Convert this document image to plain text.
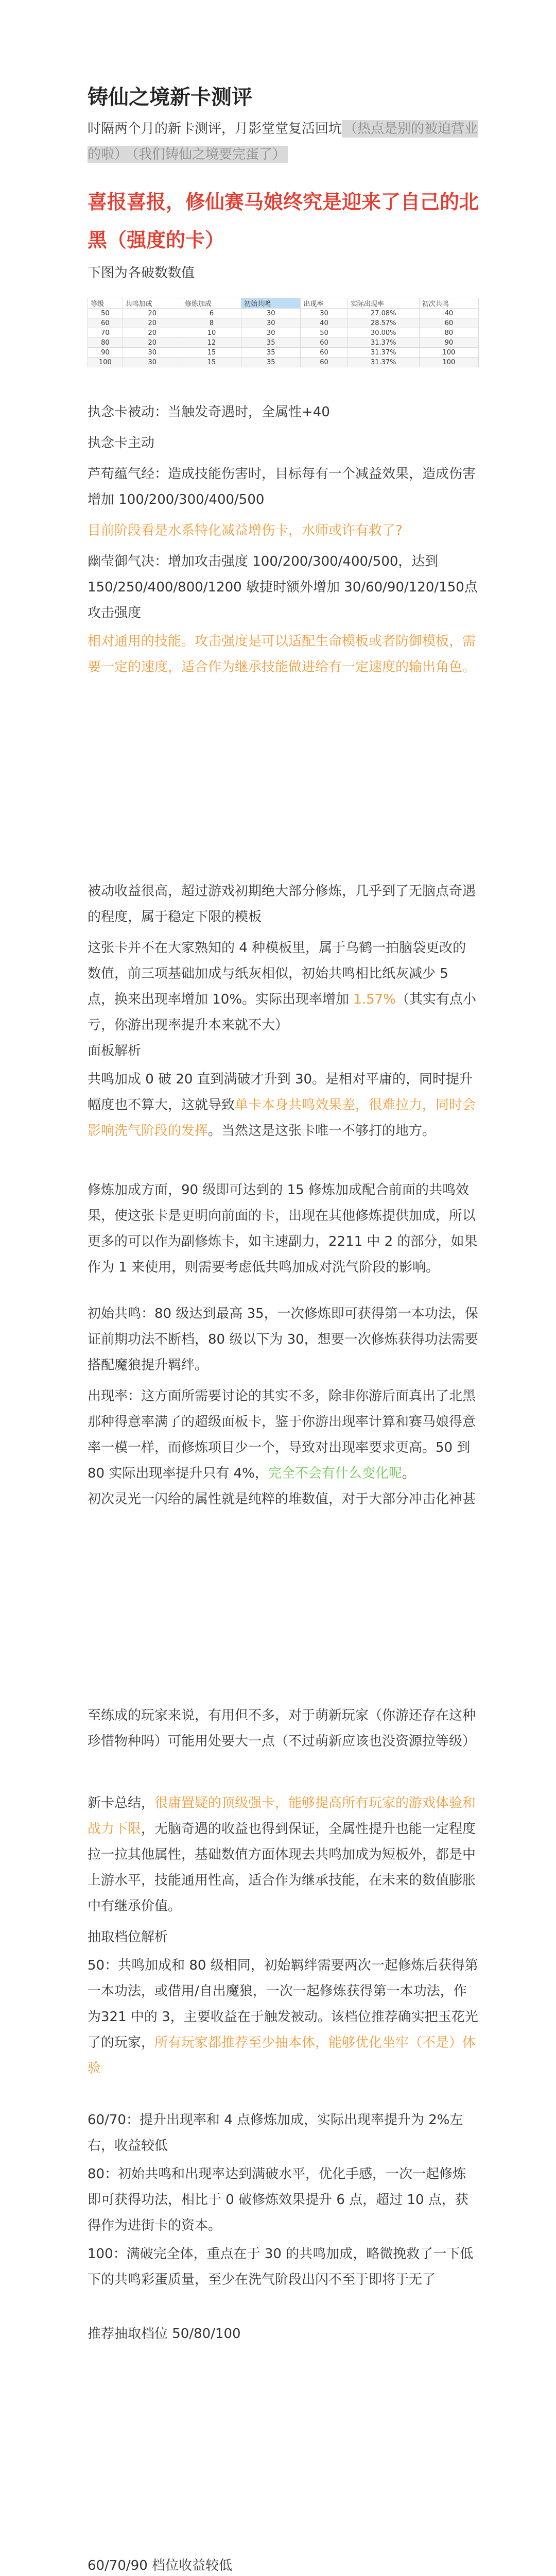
铸仙之境新卡测评

时隔两个月的新卡测评，月影堂堂复活回坑 （热点是别的被迫营业的啦） （我们铸仙之境要完蛋了）

喜报喜报，修仙赛马娘终究是迎来了自己的北黑（强度的卡）

下图为各破数数值

等级	共鸣加成	修炼加成	初始共鸣	出现率	实际出现率	初次共鸣
50	20	6	30	30	27.08%	40
60	20	8	30	40	28.57%	60
70	20	10	30	50	30.00%	80
80	20	12	35	60	31.37%	90
90	30	15	35	60	31.37%	100
100	30	15	35	60	31.37%	100

执念卡被动：当触发奇遇时，全属性+40

执念卡主动

芦荀蕴气经：造成技能伤害时，目标每有一个减益效果，造成伤害增加 100/200/300/400/500

目前阶段看是水系特化减益增伤卡，水师或许有救了?

幽莹御气决：增加攻击强度 100/200/300/400/500，达到150/250/400/800/1200 敏捷时额外增加 30/60/90/120/150点攻击强度

相对通用的技能。攻击强度是可以适配生命模板或者防御模板，需要一定的速度，适合作为继承技能做进给有一定速度的输出角色。

被动收益很高，超过游戏初期绝大部分修炼，几乎到了无脑点奇遇的程度，属于稳定下限的模板

这张卡并不在大家熟知的 4 种模板里，属于乌鹤一拍脑袋更改的数值，前三项基础加成与纸灰相似，初始共鸣相比纸灰减少 5 点，换来出现率增加 10%。实际出现率增加 1.57%（其实有点小亏，你游出现率提升本来就不大）

面板解析

共鸣加成 0 破 20 直到满破才升到 30。是相对平庸的，同时提升幅度也不算大，这就导致单卡本身共鸣效果差，很难拉力，同时会影响洗气阶段的发挥。当然这是这张卡唯一不够打的地方。

修炼加成方面，90 级即可达到的 15 修炼加成配合前面的共鸣效果，使这张卡是更明向前面的卡，出现在其他修炼提供加成，所以更多的可以作为副修炼卡，如主速副力，2211 中 2 的部分，如果作为 1 来使用，则需要考虑低共鸣加成对洗气阶段的影响。

初始共鸣：80 级达到最高 35，一次修炼即可获得第一本功法，保证前期功法不断档，80 级以下为 30，想要一次修炼获得功法需要搭配魔狼提升羁绊。

出现率：这方面所需要讨论的其实不多，除非你游后面真出了北黑那种得意率满了的超级面板卡，鉴于你游出现率计算和赛马娘得意率一模一样，而修炼项目少一个，导致对出现率要求更高。50 到 80 实际出现率提升只有 4%，完全不会有什么变化呢。

初次灵光一闪给的属性就是纯粹的堆数值，对于大部分冲击化神甚

至练成的玩家来说，有用但不多，对于萌新玩家（你游还存在这种珍惜物种吗）可能用处要大一点（不过萌新应该也没资源拉等级）

新卡总结，很庸置疑的顶级强卡，能够提高所有玩家的游戏体验和战力下限，无脑奇遇的收益也得到保证，全属性提升也能一定程度拉一拉其他属性，基础数值方面体现去共鸣加成为短板外，都是中上游水平，技能通用性高，适合作为继承技能，在未来的数值膨胀中有继承价值。

抽取档位解析

50：共鸣加成和 80 级相同，初始羁绊需要两次一起修炼后获得第一本功法，或借用/自出魔狼，一次一起修炼获得第一本功法，作为321 中的 3，主要收益在于触发被动。该档位推荐确实把玉花光了的玩家，所有玩家都推荐至少抽本体，能够优化坐牢（不是）体验

60/70：提升出现率和 4 点修炼加成，实际出现率提升为 2%左右，收益较低

80：初始共鸣和出现率达到满破水平，优化手感，一次一起修炼即可获得功法，相比于 0 破修炼效果提升 6 点，超过 10 点，获得作为进街卡的资本。

100：满破完全体，重点在于 30 的共鸣加成，略微挽救了一下低下的共鸣彩蛋质量，至少在洗气阶段出闪不至于即将于无了

推荐抽取档位 50/80/100

60/70/90 档位收益较低
